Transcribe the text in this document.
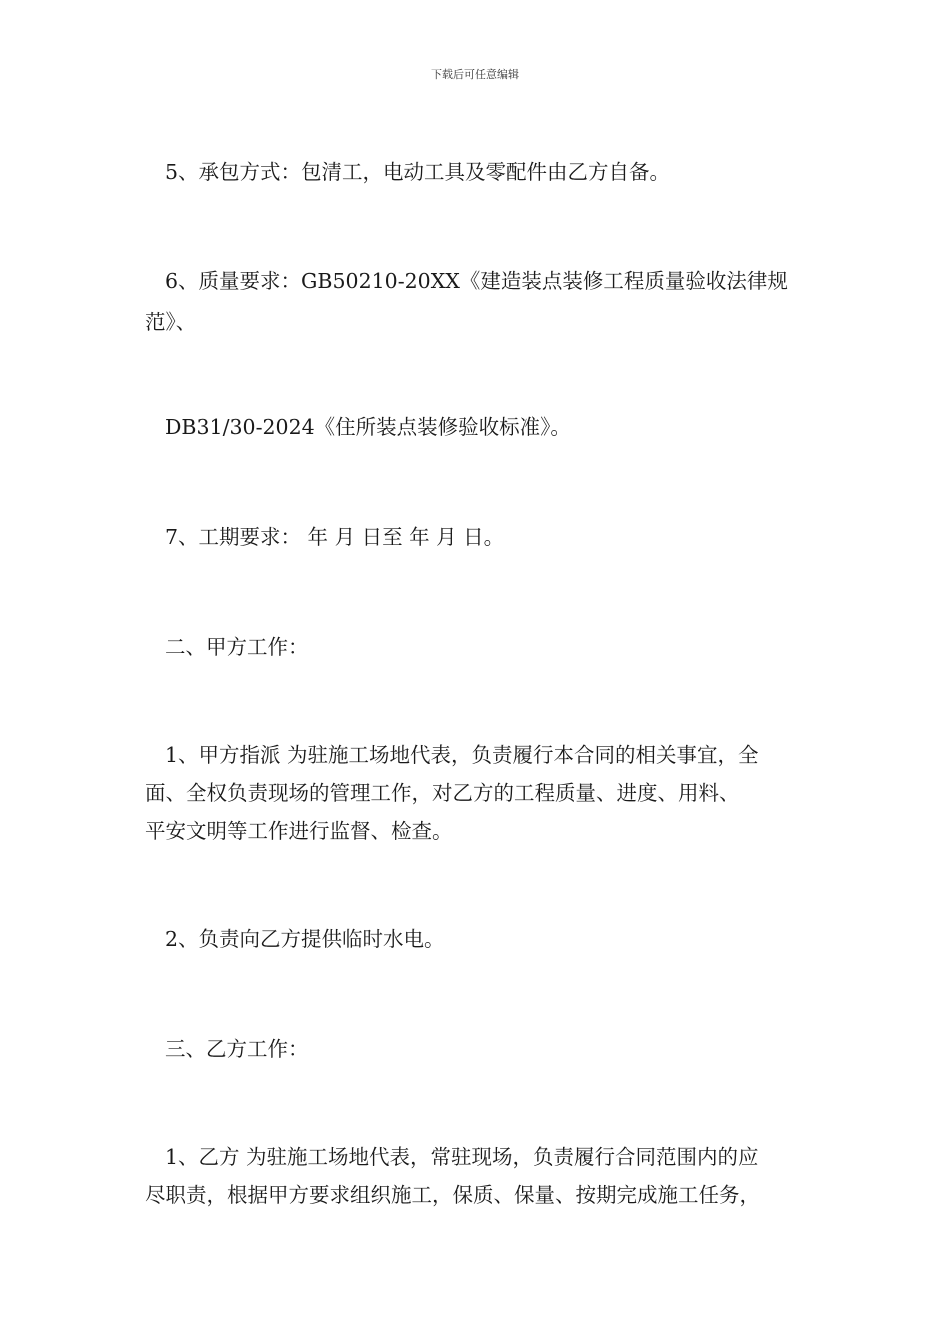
下载后可任意编辑

5、承包方式：包清工，电动工具及零配件由乙方自备。

6、质量要求：GB50210-20XX《建造装点装修工程质量验收法律规

范》、

DB31/30-2024《住所装点装修验收标准》。

7、工期要求： 年 月 日至 年 月 日。

二、甲方工作：

1、甲方指派 为驻施工场地代表，负责履行本合同的相关事宜，全

面、全权负责现场的管理工作，对乙方的工程质量、进度、用料、

平安文明等工作进行监督、检查。

2、负责向乙方提供临时水电。

三、乙方工作：

1、乙方 为驻施工场地代表，常驻现场，负责履行合同范围内的应

尽职责，根据甲方要求组织施工，保质、保量、按期完成施工任务，
